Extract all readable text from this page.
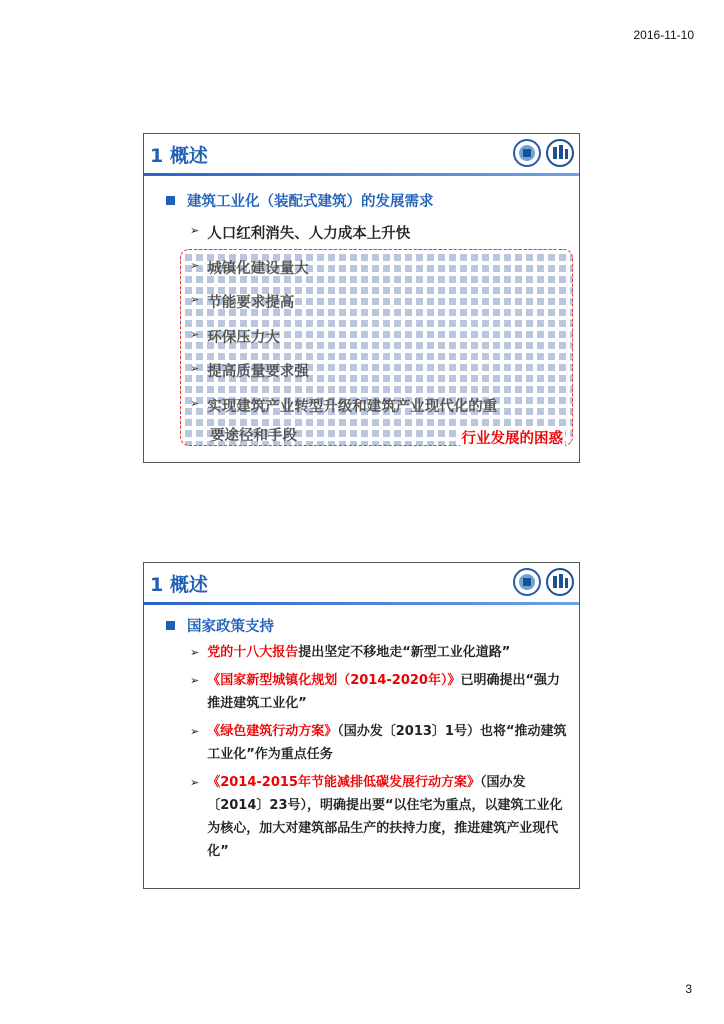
2016-11-10
1 概述
建筑工业化（装配式建筑）的发展需求
➢ 人口红利消失、人力成本上升快
➢ 城镇化建设量大
➢ 节能要求提高
➢ 环保压力大
➢ 提高质量要求强
➢ 实现建筑产业转型升级和建筑产业现代化的重
要途径和手段	行业发展的困惑
1 概述
国家政策支持
➢ 党的十八大报告提出坚定不移地走“新型工业化道路”
➢ 《国家新型城镇化规划（2014-2020年）》已明确提出“强力推进建筑工业化”
➢ 《绿色建筑行动方案》（国办发〔2013〕1号）也将“推动建筑工业化”作为重点任务
➢ 《2014-2015年节能减排低碳发展行动方案》（国办发〔2014〕23号），明确提出要“以住宅为重点，以建筑工业化为核心，加大对建筑部品生产的扶持力度，推进建筑产业现代化”
3
